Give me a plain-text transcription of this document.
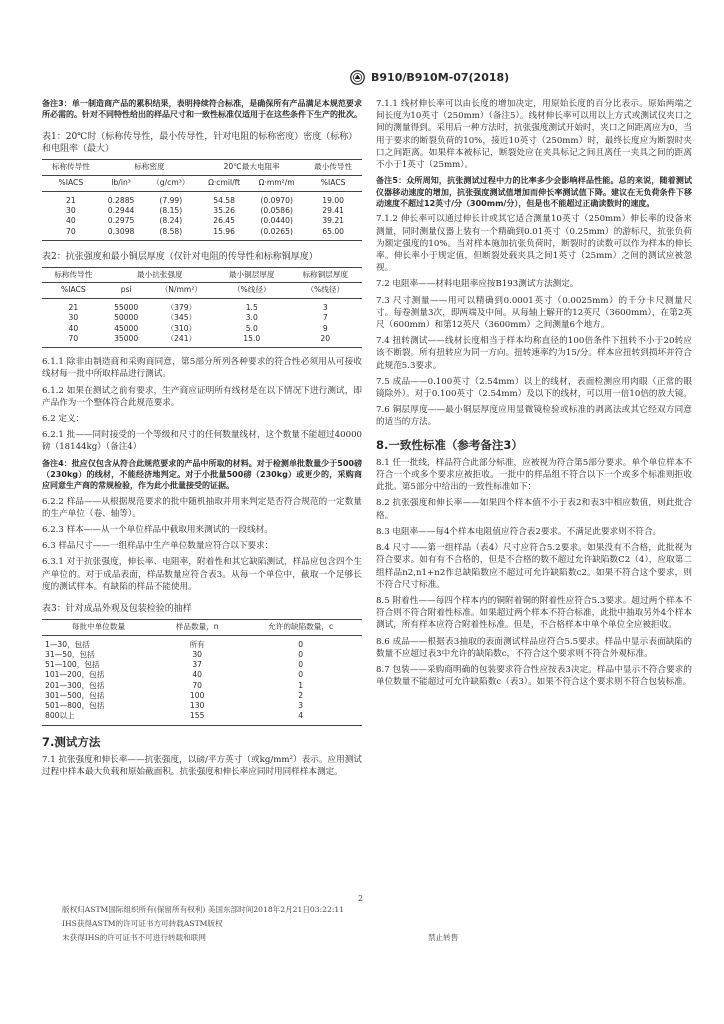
B910/B910M-07(2018)

备注3：单一制造商产品的累积结果，表明持续符合标准，是确保所有产品满足本规范要求所必需的。针对不同特性给出的样品尺寸和一致性标准仅适用于在这些条件下生产的批次。

表1：20℃时（标称传导性，最小传导性，针对电阻的标称密度）密度（标称）和电阻率（最大）
标称传导性	标称密度		20℃最大电阻率		最小传导性
%IACS	lb/in³	（g/cm³）	Ω·cmil/ft	Ω·mm²/m	%IACS
21	0.2885	(7.99)	54.58	(0.0970)	19.00
30	0.2944	(8.15)	35.26	(0.0586)	29.41
40	0.2975	(8.24)	26.45	(0.0440)	39.21
70	0.3098	(8.58)	15.96	(0.0265)	65.00
表2：抗张强度和最小铜层厚度（仅针对电阻的传导性和标称铜厚度）
标称传导性	最小抗张强度		最小铜层厚度	标称铜层厚度
%IACS	psi	（N/mm²）	（%线径）	（%线径）
21	55000	（379）	1.5	3
30	50000	（345）	3.0	7
40	45000	（310）	5.0	9
70	35000	（241）	15.0	20

6.1.1 除非由制造商和采购商同意，第5部分所列各种要求的符合性必须用从可接收线材每一批中所取样品进行测试。

6.1.2 如果在测试之前有要求，生产商应证明所有线材是在以下情况下进行测试，即产品作为一个整体符合此规范要求。

6.2 定义：

6.2.1 批——同时接受的一个等级和尺寸的任何数量线材，这个数量不能超过40000磅（18144kg）（备注4）

备注4：批应仅包含从符合此规范要求的产品中所取的材料。对于检测单批数量少于500磅（230kg）的线材，不能经济地判定。对于小批量500磅（230kg）或更少的，采购商应同意生产商的常规检验，作为此小批量接受的证据。

6.2.2 样品——从根据规范要求的批中随机抽取并用来判定是否符合规范的一定数量的生产单位（卷、轴等）。

6.2.3 样本——从一个单位样品中截取用来测试的一段线材。

6.3 样品尺寸——一组样品中生产单位数量应符合以下要求：

6.3.1 对于抗张强度，伸长率、电阻率，附着性和其它缺陷测试，样品应包含四个生产单位的。对于成品表面，样品数量应符合表3。从每一个单位中，截取一个足够长度的测试样本。有缺陷的样品不能使用。

表3：针对成品外观及包装检验的抽样
每批中单位数量	样品数量，n	允许的缺陷数量，c
1—30，包括	所有	0
31—50，包括	30	0
51—100，包括	37	0
101—200，包括	40	0
201—300，包括	70	1
301—500，包括	100	2
501—800，包括	130	3
800以上	155	4
7.测试方法

7.1 抗张强度和伸长率——抗张强度，以磅/平方英寸（或kg/mm²）表示。应用测试过程中样本最大负载和原始截面积。抗张强度和伸长率应同时用同样样本测定。

7.1.1 线材伸长率可以由长度的增加决定，用原始长度的百分比表示。原始两端之间长度为10英寸（250mm）（备注5）。线材伸长率可以用以上方式或测试仪夹口之间的测量得到。采用后一种方法时，抗张强度测试开始时，夹口之间距离应为0，当用于要求的断裂负荷的10%，接近10英寸（250mm）时，最终长度应为断裂时夹口之间距离。如果样本被标记，断裂处应在夹具标记之间且离任一夹具之间的距离不小于1英寸（25mm）。

备注5：众所周知，抗张测试过程中力的比率多少会影响样品性能。总的来说，随着测试仪器移动速度的增加，抗张强度测试值增加而伸长率测试值下降。建议在无负荷条件下移动速度不超过12英寸/分（300mm/分），但是也不能超过正确读数时的速度。

7.1.2 伸长率可以通过伸长计或其它适合测量10英寸（250mm）伸长率的设备来测量，同时测量仪器上装有一个精确到0.01英寸（0.25mm）的游标尺，抗张负荷为额定强度的10%。当对样本施加抗张负荷时，断裂时的读数可以作为样本的伸长率。伸长率小于规定值，但断裂处载夹具之间1英寸（25mm）之间的测试应被忽视。

7.2 电阻率——材料电阻率应按B193测试方法测定。

7.3 尺寸测量——用可以精确到0.0001英寸（0.0025mm）的千分卡尺测量尺寸。每卷测量3次，即两端及中间。从每轴上解开的12英尺（3600mm），在第2英尺（600mm）和第12英尺（3600mm）之间测量6个地方。

7.4 扭转测试——线材长度相当于样本均称直径的100倍条件下扭转不小于20转应该不断裂。所有扭转应为同一方向。扭转速率约为15/分。样本应扭转到损坏并符合此规范5.3要求。

7.5 成品——0.100英寸（2.54mm）以上的线材，表面检测应用肉眼（正常的眼镜除外）。对于0.100英寸（2.54mm）及以下的线材，可以用一倍10倍的放大镜。

7.6 铜层厚度——最小铜层厚度应用显微镜检验或标准的剥离法或其它经双方同意的适当的方法。

8.一致性标准（参考备注3）

8.1 任一批线，样品符合此部分标准，应被视为符合第5部分要求。单个单位样本不符合一个或多个要求应被拒收。一批中的样品组不符合以下一个或多个标准则拒收此批。第5部分中给出的一致性标准如下：

8.2 抗张强度和伸长率——如果四个样本值不小于表2和表3中相应数值，则此批合格。

8.3 电阻率——每4个样本电阻值应符合表2要求。不满足此要求则不符合。

8.4 尺寸——第一组样品（表4）尺寸应符合5.2要求。如果没有不合格，此批视为符合要求。如有有不合格的，但是不合格的数不超过允许缺陷数C2（4），应取第二组样品n2,n1+n2作总缺陷数应不超过可允许缺陷数c2。如果不符合这个要求，则不符合尺寸标准。

8.5 附着性——每四个样本内的铜附着铜的附着性应符合5.3要求。超过两个样本不符合则不符合附着性标准。如果超过两个样本不符合标准，此批中抽取另外4个样本测试，所有样本应符合附着性标准。但是，不合格样本中单个单位全应被拒收。

8.6 成品——根据表3抽取的表面测试样品应符合5.5要求。样品中显示表面缺陷的数量不应超过表3中允许的缺陷数c，不符合这个要求则不符合外观标准。

8.7 包装——采购商明确的包装要求符合性应按表3决定。样品中显示不符合要求的单位数量不能超过可允许缺陷数c（表3）。如果不符合这个要求则不符合包装标准。

2
版权归ASTM国际组织所有(保留所有权利) 美国东部时间2018年2月21日03:22:11
IHS获得ASTM的许可证书方可转载ASTM版权
未获得IHS的许可证书不可进行转载和联网	禁止转售
